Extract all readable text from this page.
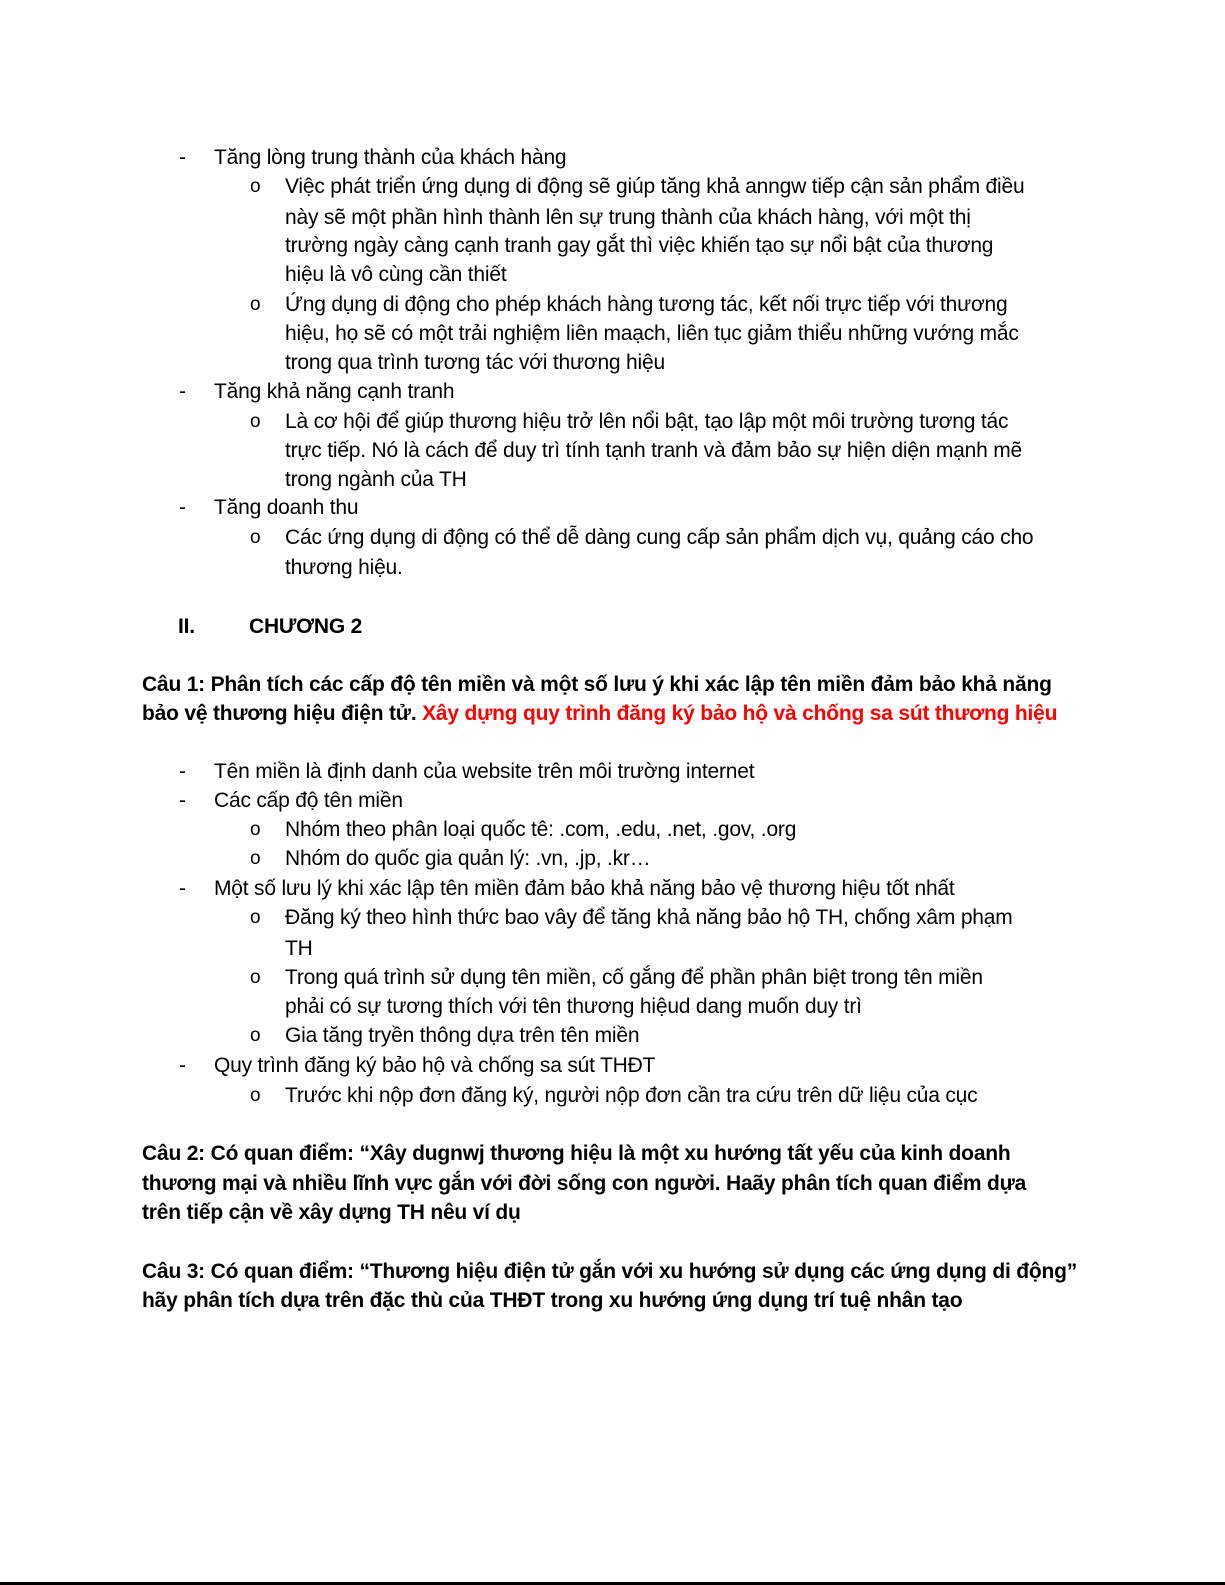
- Tăng lòng trung thành của khách hàng
o Việc phát triển ứng dụng di động sẽ giúp tăng khả anngw tiếp cận sản phẩm điều
này sẽ một phần hình thành lên sự trung thành của khách hàng, với một thị
trường ngày càng cạnh tranh gay gắt thì việc khiến tạo sự nổi bật của thương
hiệu là vô cùng cần thiết
o Ứng dụng di động cho phép khách hàng tương tác, kết nối trực tiếp với thương
hiệu, họ sẽ có một trải nghiệm liên maạch, liên tục giảm thiểu những vướng mắc
trong qua trình tương tác với thương hiệu
- Tăng khả năng cạnh tranh
o Là cơ hội để giúp thương hiệu trở lên nổi bật, tạo lập một môi trường tương tác
trực tiếp. Nó là cách để duy trì tính tạnh tranh và đảm bảo sự hiện diện mạnh mẽ
trong ngành của TH
- Tăng doanh thu
o Các ứng dụng di động có thể dễ dàng cung cấp sản phẩm dịch vụ, quảng cáo cho
thương hiệu.
II.	CHƯƠNG 2
Câu 1: Phân tích các cấp độ tên miền và một số lưu ý khi xác lập tên miền đảm bảo khả năng
bảo vệ thương hiệu điện tử. Xây dựng quy trình đăng ký bảo hộ và chống sa sút thương hiệu
- Tên miền là định danh của website trên môi trường internet
- Các cấp độ tên miền
o Nhóm theo phân loại quốc tê: .com, .edu, .net, .gov, .org
o Nhóm do quốc gia quản lý: .vn, .jp, .kr…
- Một số lưu lý khi xác lập tên miền đảm bảo khả năng bảo vệ thương hiệu tốt nhất
o Đăng ký theo hình thức bao vây để tăng khả năng bảo hộ TH, chống xâm phạm
TH
o Trong quá trình sử dụng tên miền, cố gắng để phần phân biệt trong tên miền
phải có sự tương thích với tên thương hiệud dang muốn duy trì
o Gia tăng tryền thông dựa trên tên miền
- Quy trình đăng ký bảo hộ và chống sa sút THĐT
o Trước khi nộp đơn đăng ký, người nộp đơn cần tra cứu trên dữ liệu của cục
Câu 2: Có quan điểm: “Xây dugnwj thương hiệu là một xu hướng tất yếu của kinh doanh
thương mại và nhiều lĩnh vực gắn với đời sống con người. Haãy phân tích quan điểm dựa
trên tiếp cận về xây dựng TH nêu ví dụ
Câu 3: Có quan điểm: “Thương hiệu điện tử gắn với xu hướng sử dụng các ứng dụng di động”
hãy phân tích dựa trên đặc thù của THĐT trong xu hướng ứng dụng trí tuệ nhân tạo
